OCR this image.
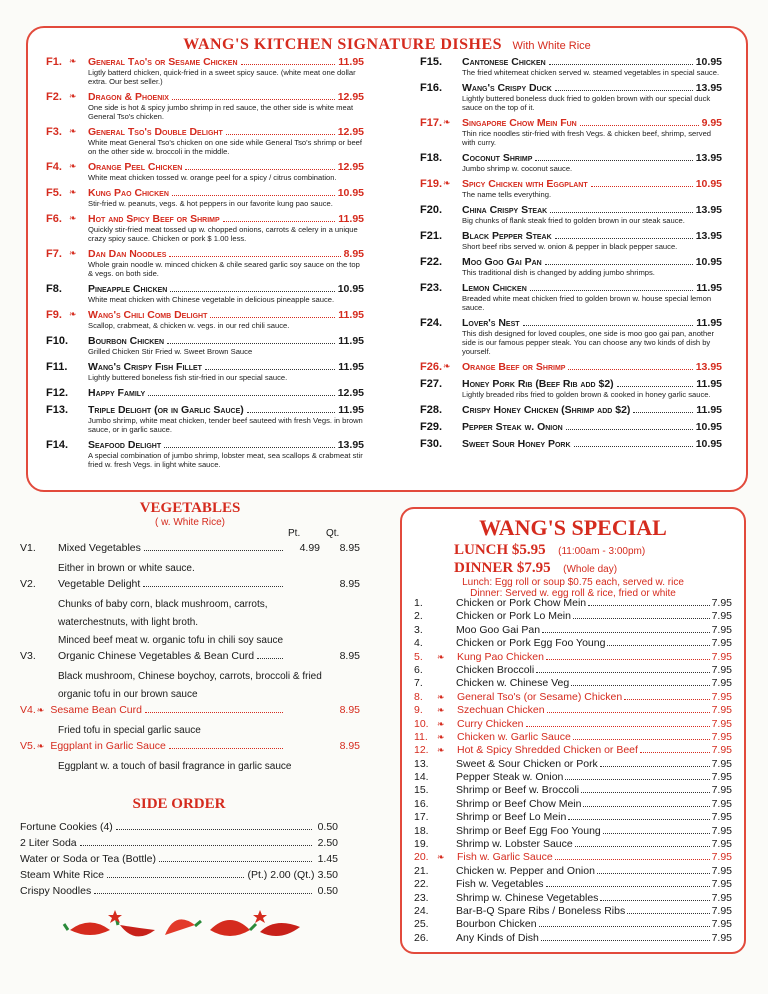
WANG'S KITCHEN SIGNATURE DISHES With White Rice
F1. ❧ General Tao's or Sesame Chicken	11.95
Ligtly batterd chicken, quick-fried in a sweet spicy sauce. (white meat one dollar extra. Our best seller.)
F2. ❧ Dragon & Phoenix	12.95
One side is hot & spicy jumbo shrimp in red sauce, the other side is white meat General Tso's chicken.
F3. ❧ General Tso's Double Delight	12.95
White meat General Tso's chicken on one side while General Tso's shrimp or beef on the other side w. broccoli in the middle.
F4. ❧ Orange Peel Chicken	12.95
White meat chicken tossed w. orange peel for a spicy / citrus combination.
F5. ❧ Kung Pao Chicken	10.95
Stir-fried w. peanuts, vegs. & hot peppers in our favorite kung pao sauce.
F6. ❧ Hot and Spicy Beef or Shrimp	11.95
Quickly stir-fried meat tossed up w. chopped onions, carrots & celery in a unique crazy spicy sauce. Chicken or pork $ 1.00 less.
F7. ❧ Dan Dan Noodles	8.95
Whole grain noodle w. minced chicken & chile seared garlic soy sauce on the top & vegs. on both side.
F8. Pineapple Chicken	10.95
White meat chicken with Chinese vegetable in delicious pineapple sauce.
F9. ❧ Wang's Chili Comb Delight	11.95
Scallop, crabmeat, & chicken w. vegs. in our red chili sauce.
F10. Bourbon Chicken	11.95
Grilled Chicken Stir Fried w. Sweet Brown Sauce
F11. Wang's Crispy Fish Fillet	11.95
Lightly buttered boneless fish stir-fried in our special sauce.
F12. Happy Family	12.95
F13. Triple Delight (or in Garlic Sauce)	11.95
Jumbo shrimp, white meat chicken, tender beef sauteed with fresh Vegs. in brown sauce, or in garlic sauce.
F14. Seafood Delight	13.95
A special combination of jumbo shrimp, lobster meat, sea scallops & crabmeat stir fried w. fresh Vegs. in light white sauce.
F15. Cantonese Chicken	10.95
The fried whitemeat chicken served w. steamed vegetables in special sauce.
F16. Wang's Crispy Duck	13.95
Lightly buttered boneless duck fried to golden brown with our special duck sauce on the top of it.
F17. ❧ Singapore Chow Mein Fun	9.95
Thin rice noodles stir-fried with fresh Vegs. & chicken beef, shrimp, served with curry.
F18. Coconut Shrimp	13.95
Jumbo shrimp w. coconut sauce.
F19. ❧ Spicy Chicken with Eggplant	10.95
The name tells everything.
F20. China Crispy Steak	13.95
Big chunks of flank steak fried to golden brown in our steak sauce.
F21. Black Pepper Steak	13.95
Short beef ribs served w. onion & pepper in black pepper sauce.
F22. Moo Goo Gai Pan	10.95
This traditional dish is changed by adding jumbo shrimps.
F23. Lemon Chicken	11.95
Breaded white meat chicken fried to golden brown w. house special lemon sauce.
F24. Lover's Nest	11.95
This dish designed for loved couples, one side is moo goo gai pan, another side is our famous pepper steak. You can choose any two kinds of dish by yourself.
F26. ❧ Orange Beef or Shrimp	13.95
F27. Honey Pork Rib (Beef Rib add $2)	11.95
Lightly breaded ribs fried to golden brown & cooked in honey garlic sauce.
F28. Crispy Honey Chicken (Shrimp add $2)	11.95
F29. Pepper Steak w. Onion	10.95
F30. Sweet Sour Honey Pork	10.95
VEGETABLES
( w. White Rice)
Pt.	Qt.
V1.	Mixed Vegetables	4.99	8.95
Either in brown or white sauce.
V2.	Vegetable Delight	8.95
Chunks of baby corn, black mushroom, carrots,
waterchestnuts, with light broth.
Minced beef meat w. organic tofu in chili soy sauce
V3.	Organic Chinese Vegetables & Bean Curd	8.95
Black mushroom, Chinese boychoy, carrots, broccoli & fried
organic tofu in our brown sauce
V4. ❧ Sesame Bean Curd	8.95
Fried tofu in special garlic sauce
V5. ❧ Eggplant in Garlic Sauce	8.95
Eggplant w. a touch of basil fragrance in garlic sauce
SIDE ORDER
Fortune Cookies (4)	0.50
2 Liter Soda	2.50
Water or Soda or Tea (Bottle)	1.45
Steam White Rice	(Pt.) 2.00 (Qt.) 3.50
Crispy Noodles	0.50
WANG'S SPECIAL
LUNCH $5.95 (11:00am - 3:00pm)
DINNER $7.95 (Whole day)
Lunch: Egg roll or soup $0.75 each, served w. rice
Dinner: Served w. egg roll & rice, fried or white
1.	Chicken or Pork Chow Mein	7.95
2.	Chicken or Pork Lo Mein	7.95
3.	Moo Goo Gai Pan	7.95
4.	Chicken or Pork Egg Foo Young	7.95
5.	❧	Kung Pao Chicken	7.95
6.	Chicken Broccoli	7.95
7.	Chicken w. Chinese Veg	7.95
8.	❧	General Tso's (or Sesame) Chicken	7.95
9.	❧	Szechuan Chicken	7.95
10. ❧	Curry Chicken	7.95
11.	❧	Chicken w. Garlic Sauce	7.95
12. ❧	Hot & Spicy Shredded Chicken or Beef	7.95
13.	Sweet & Sour Chicken or Pork	7.95
14.	Pepper Steak w. Onion	7.95
15.	Shrimp or Beef w. Broccoli	7.95
16.	Shrimp or Beef Chow Mein	7.95
17.	Shrimp or Beef Lo Mein	7.95
18.	Shrimp or Beef Egg Foo Young	7.95
19.	Shrimp w. Lobster Sauce	7.95
20. ❧	Fish w. Garlic Sauce	7.95
21.	Chicken w. Pepper and Onion	7.95
22.	Fish w. Vegetables	7.95
23.	Shrimp w. Chinese Vegetables	7.95
24.	Bar-B-Q Spare Ribs / Boneless Ribs	7.95
25.	Bourbon Chicken	7.95
26.	Any Kinds of Dish	7.95
